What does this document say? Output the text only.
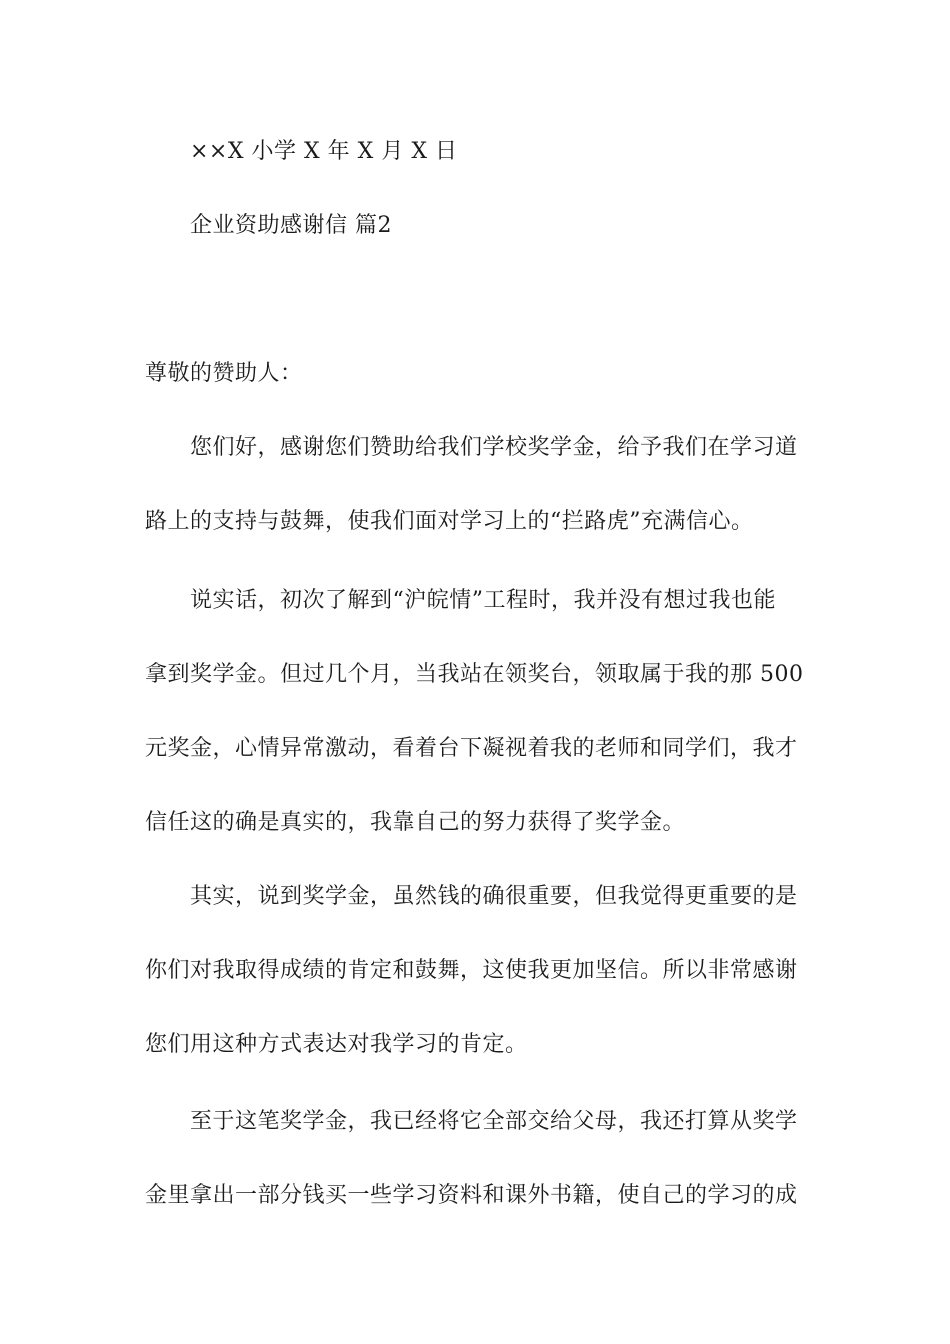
××X 小学 X 年 X 月 X 日
企业资助感谢信 篇2
尊敬的赞助人：
您们好，感谢您们赞助给我们学校奖学金，给予我们在学习道
路上的支持与鼓舞，使我们面对学习上的“拦路虎”充满信心。
说实话，初次了解到“沪皖情”工程时，我并没有想过我也能
拿到奖学金。但过几个月，当我站在领奖台，领取属于我的那 500
元奖金，心情异常激动，看着台下凝视着我的老师和同学们，我才
信任这的确是真实的，我靠自己的努力获得了奖学金。
其实，说到奖学金，虽然钱的确很重要，但我觉得更重要的是
你们对我取得成绩的肯定和鼓舞，这使我更加坚信。所以非常感谢
您们用这种方式表达对我学习的肯定。
至于这笔奖学金，我已经将它全部交给父母，我还打算从奖学
金里拿出一部分钱买一些学习资料和课外书籍，使自己的学习的成
